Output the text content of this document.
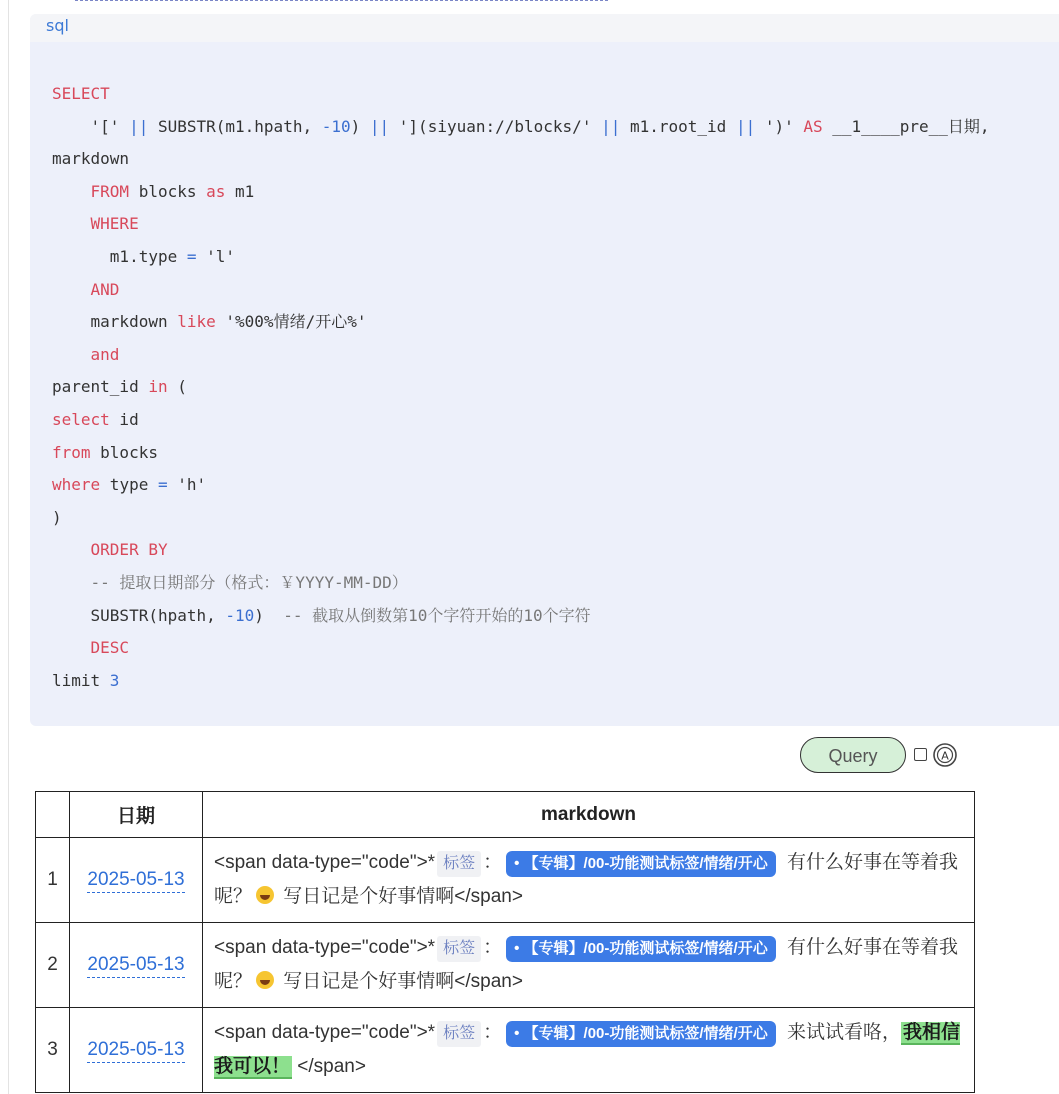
sql
SELECT
'[' || SUBSTR(m1.hpath, -10) || '](siyuan://blocks/' || m1.root_id || ')' AS __1____pre__日期,
markdown
FROM blocks as m1
WHERE
m1.type = 'l'
AND
markdown like '%00%情绪/开心%'
and
parent_id in (
select id
from blocks
where type = 'h'
)
ORDER BY
-- 提取日期部分（格式：￥YYYY-MM-DD）
SUBSTR(hpath, -10)  -- 截取从倒数第10个字符开始的10个字符
DESC
limit 3
Query	A
	日期	markdown
1	2025-05-13	<span data-type="code">* 标签 ： • 【专辑】/00-功能测试标签/情绪/开心 有什么好事在等着我呢？ 写日记是个好事情啊</span>
2	2025-05-13	<span data-type="code">* 标签 ： • 【专辑】/00-功能测试标签/情绪/开心 有什么好事在等着我呢？ 写日记是个好事情啊</span>
3	2025-05-13	<span data-type="code">* 标签 ： • 【专辑】/00-功能测试标签/情绪/开心 来试试看咯， 我相信我可以！ </span>
